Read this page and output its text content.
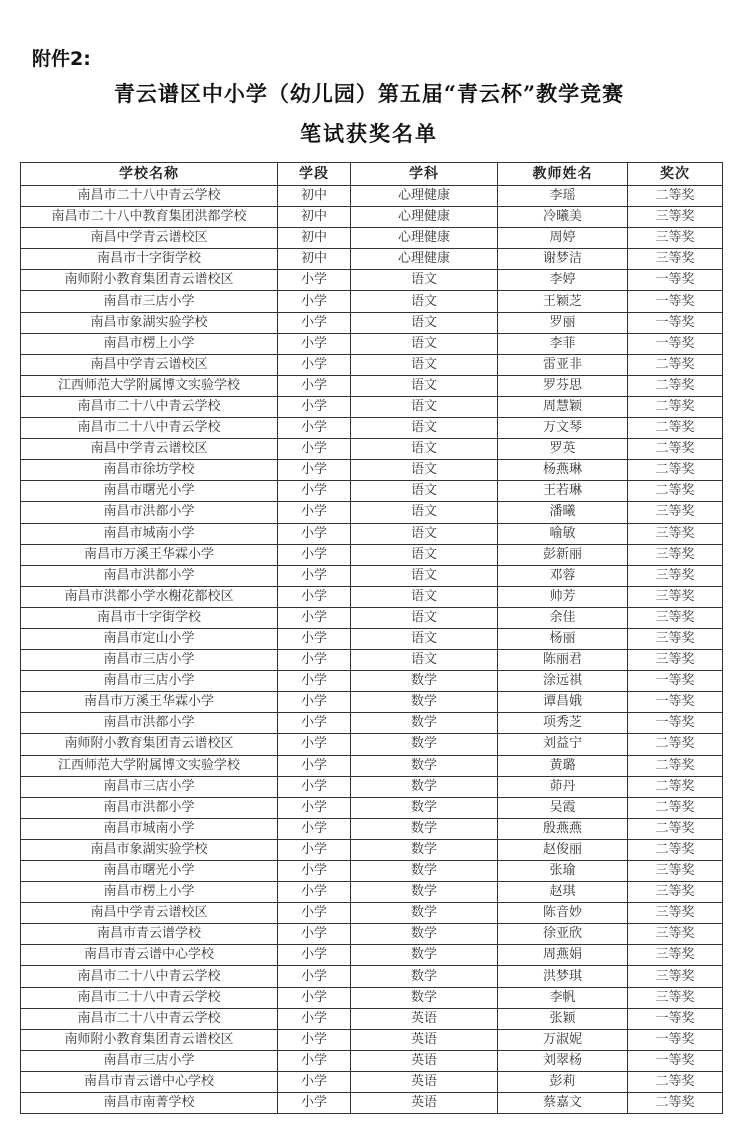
附件2:
青云谱区中小学（幼儿园）第五届“青云杯”教学竞赛
笔试获奖名单
学校名称	学段	学科	教师姓名	奖次
南昌市二十八中青云学校	初中	心理健康	李瑶	二等奖
南昌市二十八中教育集团洪都学校	初中	心理健康	冷曦美	三等奖
南昌中学青云谱校区	初中	心理健康	周婷	三等奖
南昌市十字街学校	初中	心理健康	谢梦洁	三等奖
南师附小教育集团青云谱校区	小学	语文	李婷	一等奖
南昌市三店小学	小学	语文	王颖芝	一等奖
南昌市象湖实验学校	小学	语文	罗丽	一等奖
南昌市楞上小学	小学	语文	李菲	一等奖
南昌中学青云谱校区	小学	语文	雷亚非	二等奖
江西师范大学附属博文实验学校	小学	语文	罗芬思	二等奖
南昌市二十八中青云学校	小学	语文	周慧颖	二等奖
南昌市二十八中青云学校	小学	语文	万文琴	二等奖
南昌中学青云谱校区	小学	语文	罗英	二等奖
南昌市徐坊学校	小学	语文	杨燕琳	二等奖
南昌市曙光小学	小学	语文	王若琳	二等奖
南昌市洪都小学	小学	语文	潘曦	三等奖
南昌市城南小学	小学	语文	喻敏	三等奖
南昌市万溪王华霖小学	小学	语文	彭新丽	三等奖
南昌市洪都小学	小学	语文	邓蓉	三等奖
南昌市洪都小学水榭花都校区	小学	语文	帅芳	三等奖
南昌市十字街学校	小学	语文	余佳	三等奖
南昌市定山小学	小学	语文	杨丽	三等奖
南昌市三店小学	小学	语文	陈丽君	三等奖
南昌市三店小学	小学	数学	涂远祺	一等奖
南昌市万溪王华霖小学	小学	数学	谭昌娥	一等奖
南昌市洪都小学	小学	数学	项秀芝	一等奖
南师附小教育集团青云谱校区	小学	数学	刘益宁	二等奖
江西师范大学附属博文实验学校	小学	数学	黄璐	二等奖
南昌市三店小学	小学	数学	茆丹	二等奖
南昌市洪都小学	小学	数学	吴霞	二等奖
南昌市城南小学	小学	数学	殷燕燕	二等奖
南昌市象湖实验学校	小学	数学	赵俊丽	二等奖
南昌市曙光小学	小学	数学	张瑜	三等奖
南昌市楞上小学	小学	数学	赵琪	三等奖
南昌中学青云谱校区	小学	数学	陈音妙	三等奖
南昌市青云谱学校	小学	数学	徐亚欣	三等奖
南昌市青云谱中心学校	小学	数学	周燕娟	三等奖
南昌市二十八中青云学校	小学	数学	洪梦琪	三等奖
南昌市二十八中青云学校	小学	数学	李帆	三等奖
南昌市二十八中青云学校	小学	英语	张颖	一等奖
南师附小教育集团青云谱校区	小学	英语	万淑妮	一等奖
南昌市三店小学	小学	英语	刘翠杨	一等奖
南昌市青云谱中心学校	小学	英语	彭莉	二等奖
南昌市南菁学校	小学	英语	蔡嘉文	二等奖
